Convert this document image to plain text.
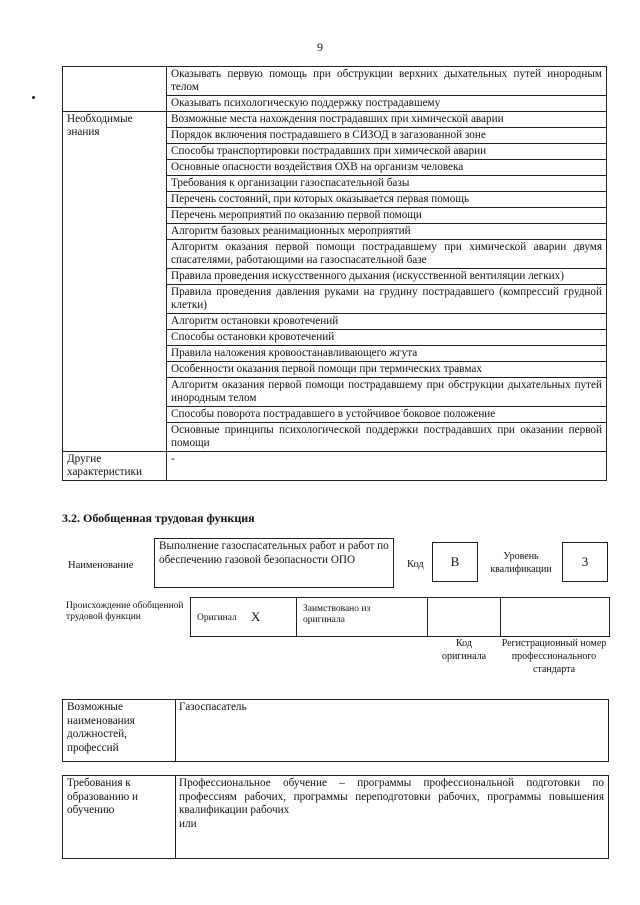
9
	Оказывать первую помощь при обструкции верхних дыхательных путей инородным телом
	Оказывать психологическую поддержку пострадавшему
Необходимые знания	Возможные места нахождения пострадавших при химической аварии
	Порядок включения пострадавшего в СИЗОД в загазованной зоне
	Способы транспортировки пострадавших при химической аварии
	Основные опасности воздействия ОХВ на организм человека
	Требования к организации газоспасательной базы
	Перечень состояний, при которых оказывается первая помощь
	Перечень мероприятий по оказанию первой помощи
	Алгоритм базовых реанимационных мероприятий
	Алгоритм оказания первой помощи пострадавшему при химической аварии двумя спасателями, работающими на газоспасательной базе
	Правила проведения искусственного дыхания (искусственной вентиляции легких)
	Правила проведения давления руками на грудину пострадавшего (компрессий грудной клетки)
	Алгоритм остановки кровотечений
	Способы остановки кровотечений
	Правила наложения кровоостанавливающего жгута
	Особенности оказания первой помощи при термических травмах
	Алгоритм оказания первой помощи пострадавшему при обструкции дыхательных путей инородным телом
	Способы поворота пострадавшего в устойчивое боковое положение
	Основные принципы психологической поддержки пострадавших при оказании первой помощи
Другие характеристики	-
3.2. Обобщенная трудовая функция
Наименование
Выполнение газоспасательных работ и работ по обеспечению газовой безопасности ОПО	Код В	Уровень квалификации
3
Происхождение обобщенной трудовой функции	Оригинал X	Заимствовано из оригинала
Код оригинала
Регистрационный номер профессионального стандарта
Возможные наименования должностей, профессий
Газоспасатель
Требования к образованию и обучению
Профессиональное обучение – программы профессиональной подготовки по профессиям рабочих, программы переподготовки рабочих, программы повышения квалификации рабочих
или
